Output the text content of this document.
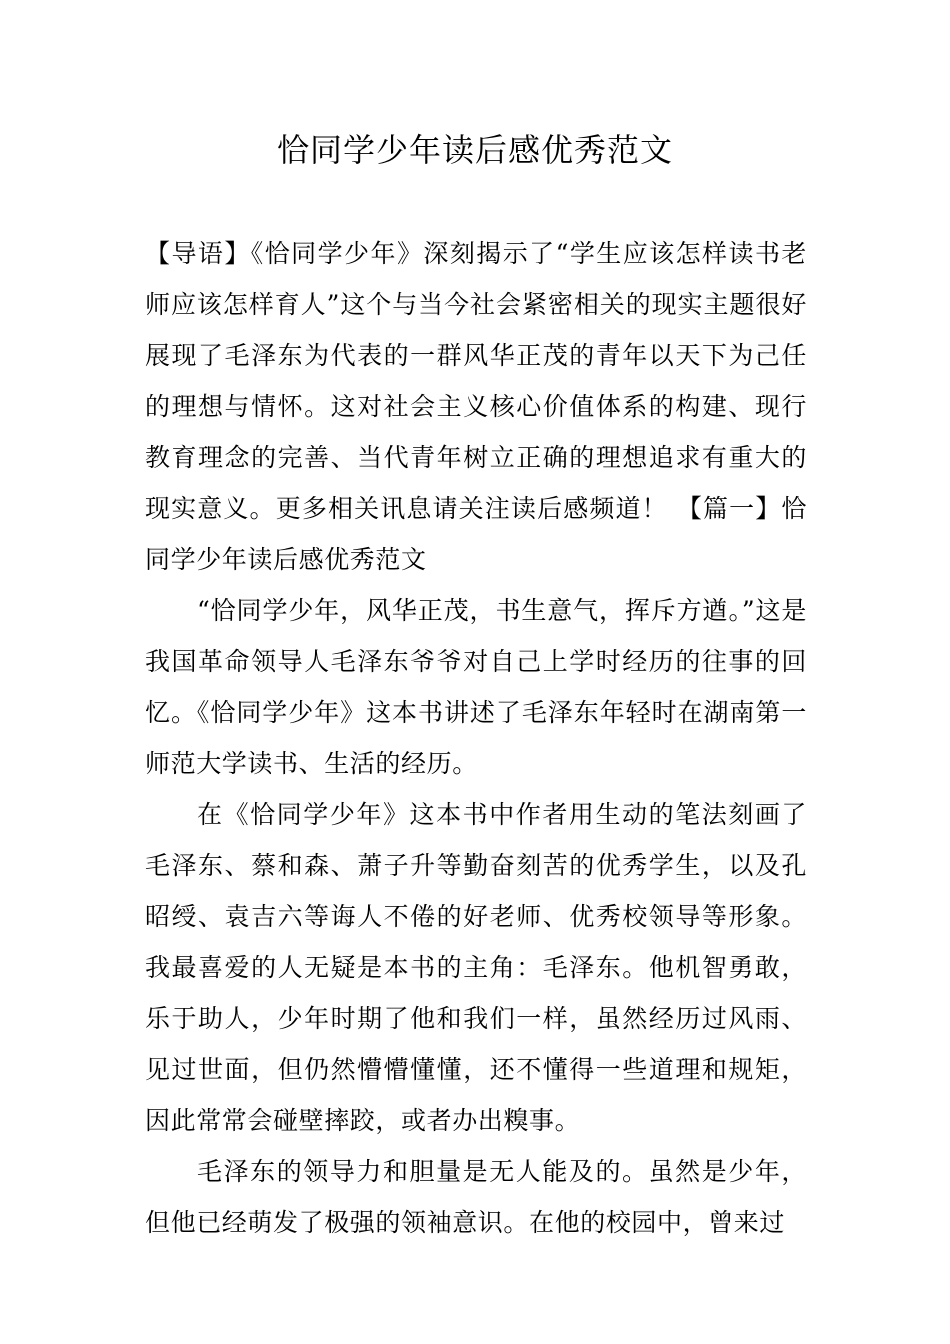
恰同学少年读后感优秀范文

【导语】《恰同学少年》深刻揭示了“学生应该怎样读书老师应该怎样育人”这个与当今社会紧密相关的现实主题很好展现了毛泽东为代表的一群风华正茂的青年以天下为己任的理想与情怀。这对社会主义核心价值体系的构建、现行教育理念的完善、当代青年树立正确的理想追求有重大的现实意义。更多相关讯息请关注读后感频道！ 【篇一】恰同学少年读后感优秀范文

“恰同学少年，风华正茂，书生意气，挥斥方遒。”这是我国革命领导人毛泽东爷爷对自己上学时经历的往事的回忆。《恰同学少年》这本书讲述了毛泽东年轻时在湖南第一师范大学读书、生活的经历。

在《恰同学少年》这本书中作者用生动的笔法刻画了毛泽东、蔡和森、萧子升等勤奋刻苦的优秀学生，以及孔昭绶、袁吉六等诲人不倦的好老师、优秀校领导等形象。我最喜爱的人无疑是本书的主角：毛泽东。他机智勇敢，乐于助人，少年时期了他和我们一样，虽然经历过风雨、见过世面，但仍然懵懵懂懂，还不懂得一些道理和规矩，因此常常会碰壁摔跤，或者办出糗事。

毛泽东的领导力和胆量是无人能及的。虽然是少年，但他已经萌发了极强的领袖意识。在他的校园中，曾来过
